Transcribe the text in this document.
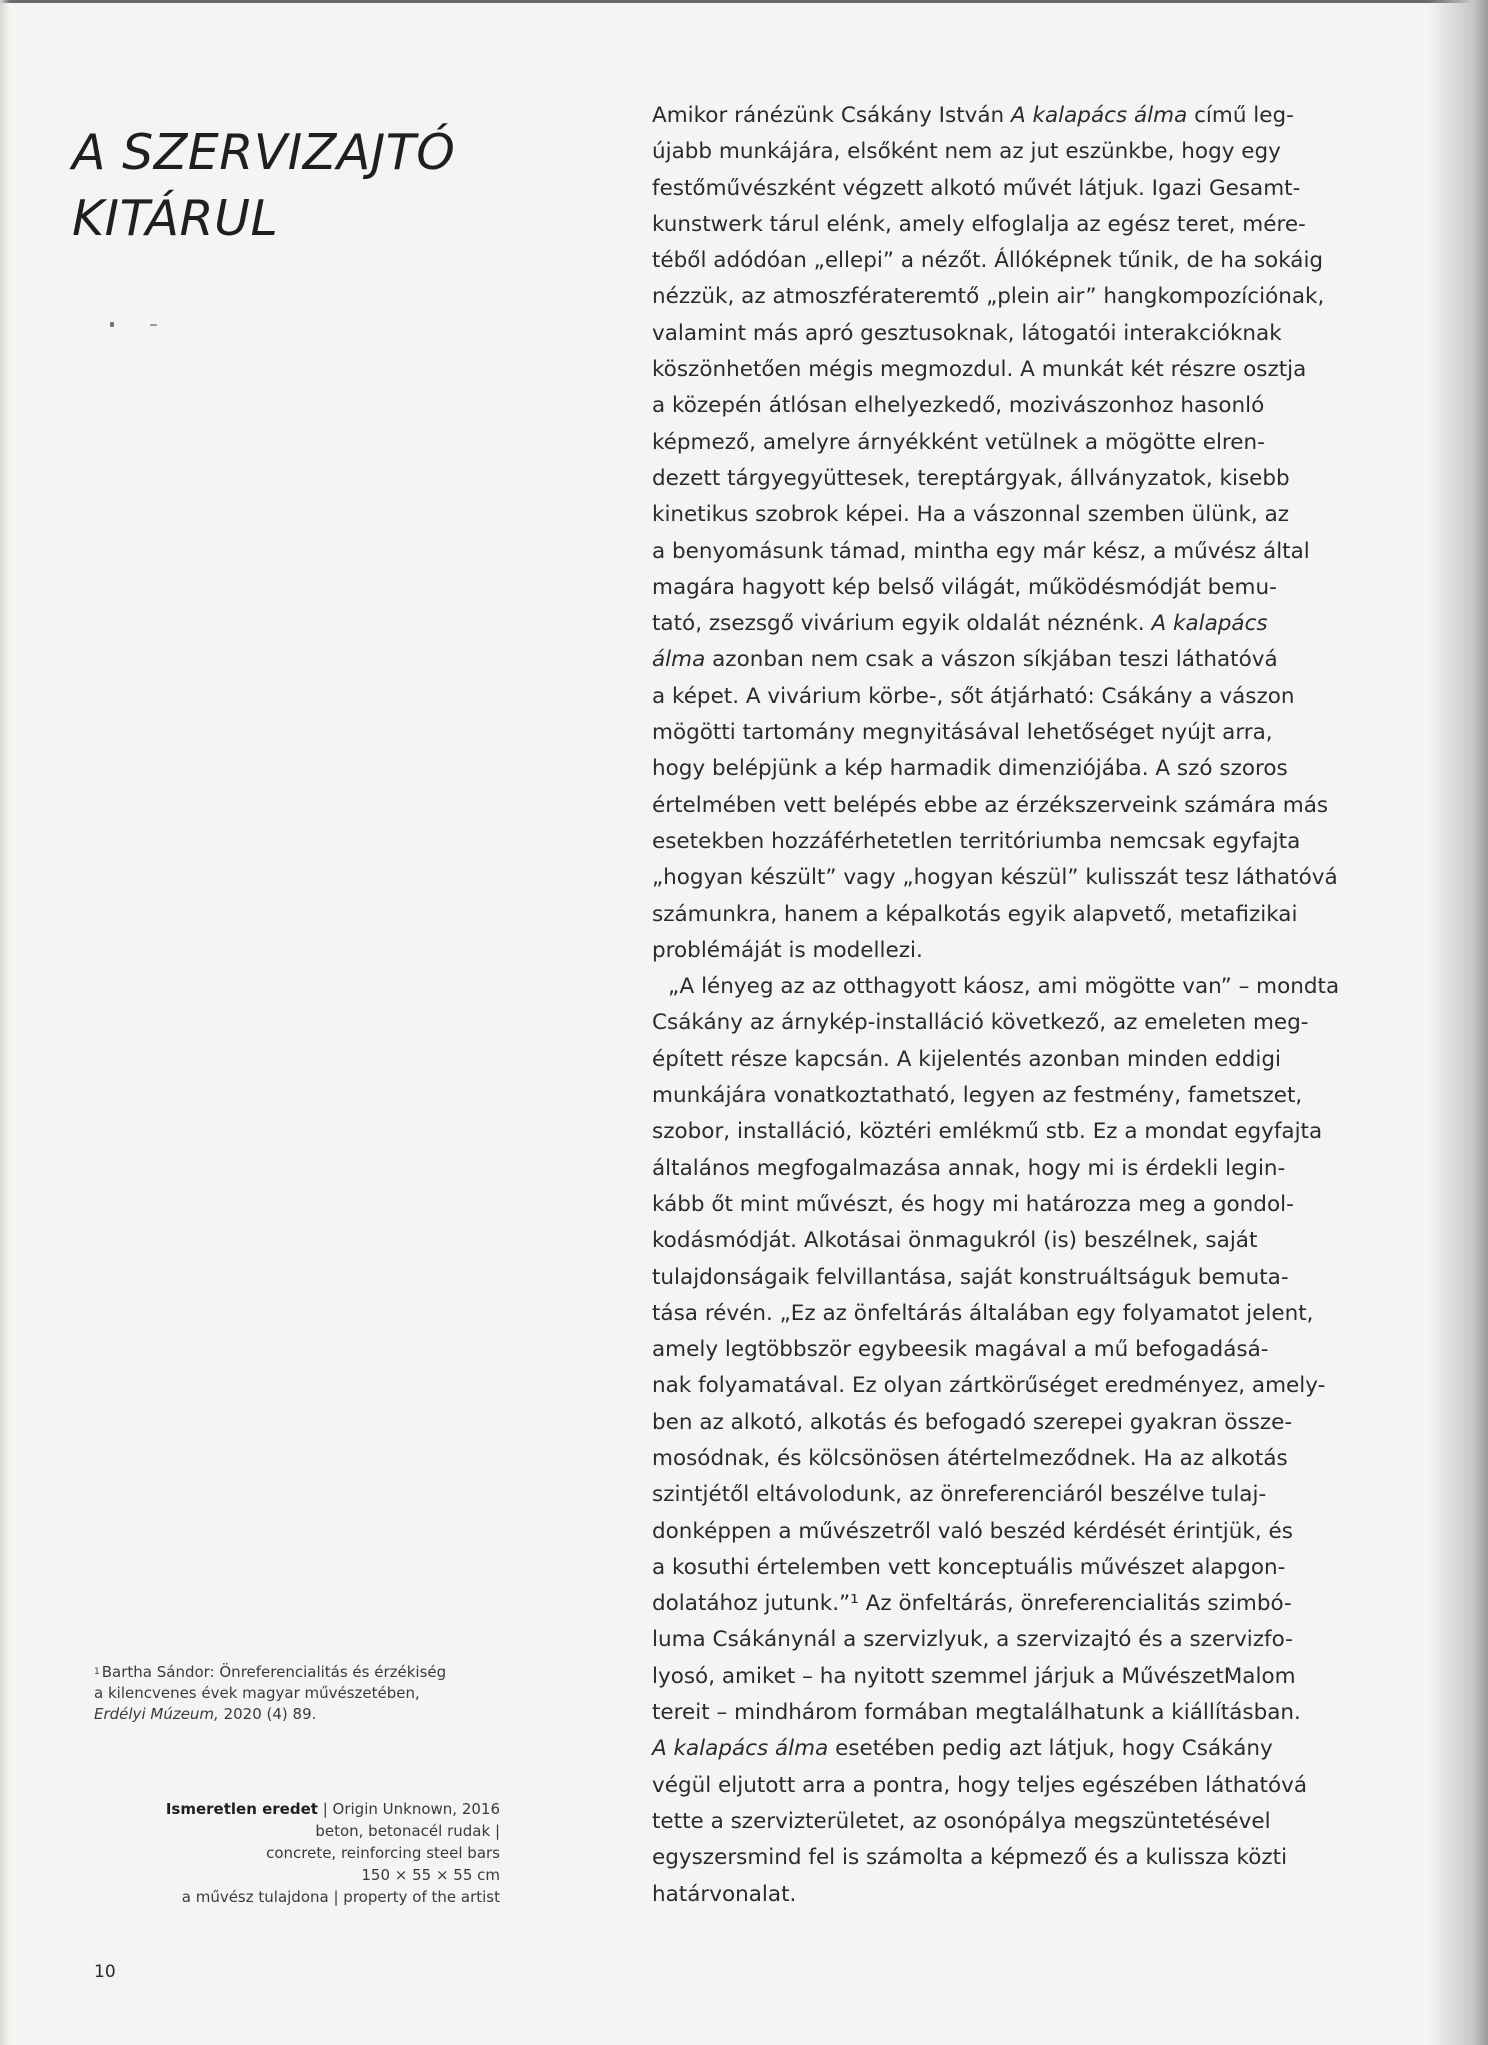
A SZERVIZAJTÓ
KITÁRUL
Amikor ránézünk Csákány István A kalapács álma című leg-
újabb munkájára, elsőként nem az jut eszünkbe, hogy egy
festőművészként végzett alkotó művét látjuk. Igazi Gesamt-
kunstwerk tárul elénk, amely elfoglalja az egész teret, mére-
téből adódóan „ellepi” a nézőt. Állóképnek tűnik, de ha sokáig
nézzük, az atmoszférateremtő „plein air” hangkompozíciónak,
valamint más apró gesztusoknak, látogatói interakcióknak
köszönhetően mégis megmozdul. A munkát két részre osztja
a közepén átlósan elhelyezkedő, mozivászonhoz hasonló
képmező, amelyre árnyékként vetülnek a mögötte elren-
dezett tárgyegyüttesek, tereptárgyak, állványzatok, kisebb
kinetikus szobrok képei. Ha a vászonnal szemben ülünk, az
a benyomásunk támad, mintha egy már kész, a művész által
magára hagyott kép belső világát, működésmódját bemu-
tató, zsezsgő vivárium egyik oldalát néznénk. A kalapács
álma azonban nem csak a vászon síkjában teszi láthatóvá
a képet. A vivárium körbe-, sőt átjárható: Csákány a vászon
mögötti tartomány megnyitásával lehetőséget nyújt arra,
hogy belépjünk a kép harmadik dimenziójába. A szó szoros
értelmében vett belépés ebbe az érzékszerveink számára más
esetekben hozzáférhetetlen territóriumba nemcsak egyfajta
„hogyan készült” vagy „hogyan készül” kulisszát tesz láthatóvá
számunkra, hanem a képalkotás egyik alapvető, metafizikai
problémáját is modellezi.
„A lényeg az az otthagyott káosz, ami mögötte van” – mondta
Csákány az árnykép-installáció következő, az emeleten meg-
épített része kapcsán. A kijelentés azonban minden eddigi
munkájára vonatkoztatható, legyen az festmény, fametszet,
szobor, installáció, köztéri emlékmű stb. Ez a mondat egyfajta
általános megfogalmazása annak, hogy mi is érdekli legin-
kább őt mint művészt, és hogy mi határozza meg a gondol-
kodásmódját. Alkotásai önmagukról (is) beszélnek, saját
tulajdonságaik felvillantása, saját konstruáltságuk bemuta-
tása révén. „Ez az önfeltárás általában egy folyamatot jelent,
amely legtöbbször egybeesik magával a mű befogadásá-
nak folyamatával. Ez olyan zártkörűséget eredményez, amely-
ben az alkotó, alkotás és befogadó szerepei gyakran össze-
mosódnak, és kölcsönösen átértelmeződnek. Ha az alkotás
szintjétől eltávolodunk, az önreferenciáról beszélve tulaj-
donképpen a művészetről való beszéd kérdését érintjük, és
a kosuthi értelemben vett konceptuális művészet alapgon-
dolatához jutunk.”¹ Az önfeltárás, önreferencialitás szimbó-
luma Csákánynál a szervizlyuk, a szervizajtó és a szervizfo-
lyosó, amiket – ha nyitott szemmel járjuk a MűvészetMalom
tereit – mindhárom formában megtalálhatunk a kiállításban.
A kalapács álma esetében pedig azt látjuk, hogy Csákány
végül eljutott arra a pontra, hogy teljes egészében láthatóvá
tette a szervizterületet, az osonópálya megszüntetésével
egyszersmind fel is számolta a képmező és a kulissza közti
határvonalat.
$^1$ Bartha Sándor: Önreferencialitás és érzékiség
a kilencvenes évek magyar művészetében,
Erdélyi Múzeum, 2020 (4) 89.
Ismeretlen eredet | Origin Unknown, 2016
beton, betonacél rudak |
concrete, reinforcing steel bars
150 × 55 × 55 cm
a művész tulajdona | property of the artist
10
